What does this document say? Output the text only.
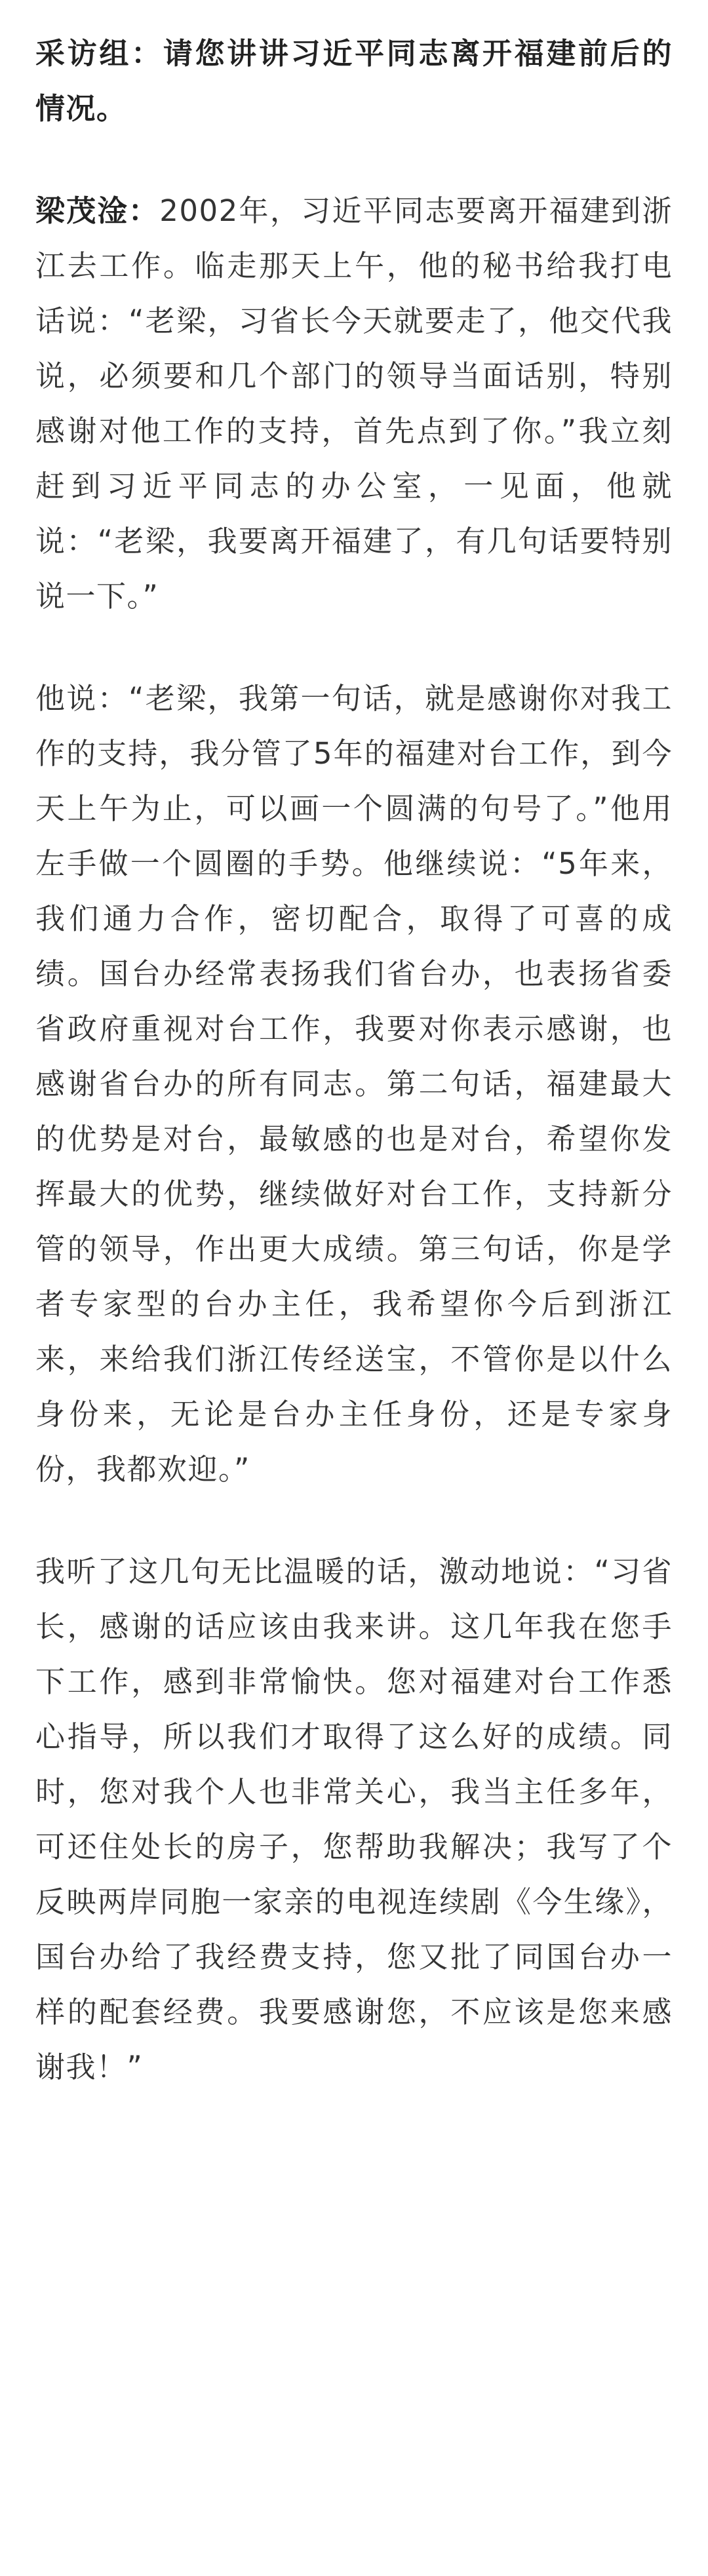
采访组：请您讲讲习近平同志离开福建前后的情况。

梁茂淦：2002年，习近平同志要离开福建到浙江去工作。临走那天上午，他的秘书给我打电话说：“老梁，习省长今天就要走了，他交代我说，必须要和几个部门的领导当面话别，特别感谢对他工作的支持，首先点到了你。”我立刻赶到习近平同志的办公室，一见面，他就说：“老梁，我要离开福建了，有几句话要特别说一下。”

他说：“老梁，我第一句话，就是感谢你对我工作的支持，我分管了5年的福建对台工作，到今天上午为止，可以画一个圆满的句号了。”他用左手做一个圆圈的手势。他继续说：“5年来，我们通力合作，密切配合，取得了可喜的成绩。国台办经常表扬我们省台办，也表扬省委省政府重视对台工作，我要对你表示感谢，也感谢省台办的所有同志。第二句话，福建最大的优势是对台，最敏感的也是对台，希望你发挥最大的优势，继续做好对台工作，支持新分管的领导，作出更大成绩。第三句话，你是学者专家型的台办主任，我希望你今后到浙江来，来给我们浙江传经送宝，不管你是以什么身份来，无论是台办主任身份，还是专家身份，我都欢迎。”

我听了这几句无比温暖的话，激动地说：“习省长，感谢的话应该由我来讲。这几年我在您手下工作，感到非常愉快。您对福建对台工作悉心指导，所以我们才取得了这么好的成绩。同时，您对我个人也非常关心，我当主任多年，可还住处长的房子，您帮助我解决；我写了个反映两岸同胞一家亲的电视连续剧《今生缘》，国台办给了我经费支持，您又批了同国台办一样的配套经费。我要感谢您，不应该是您来感谢我！”
